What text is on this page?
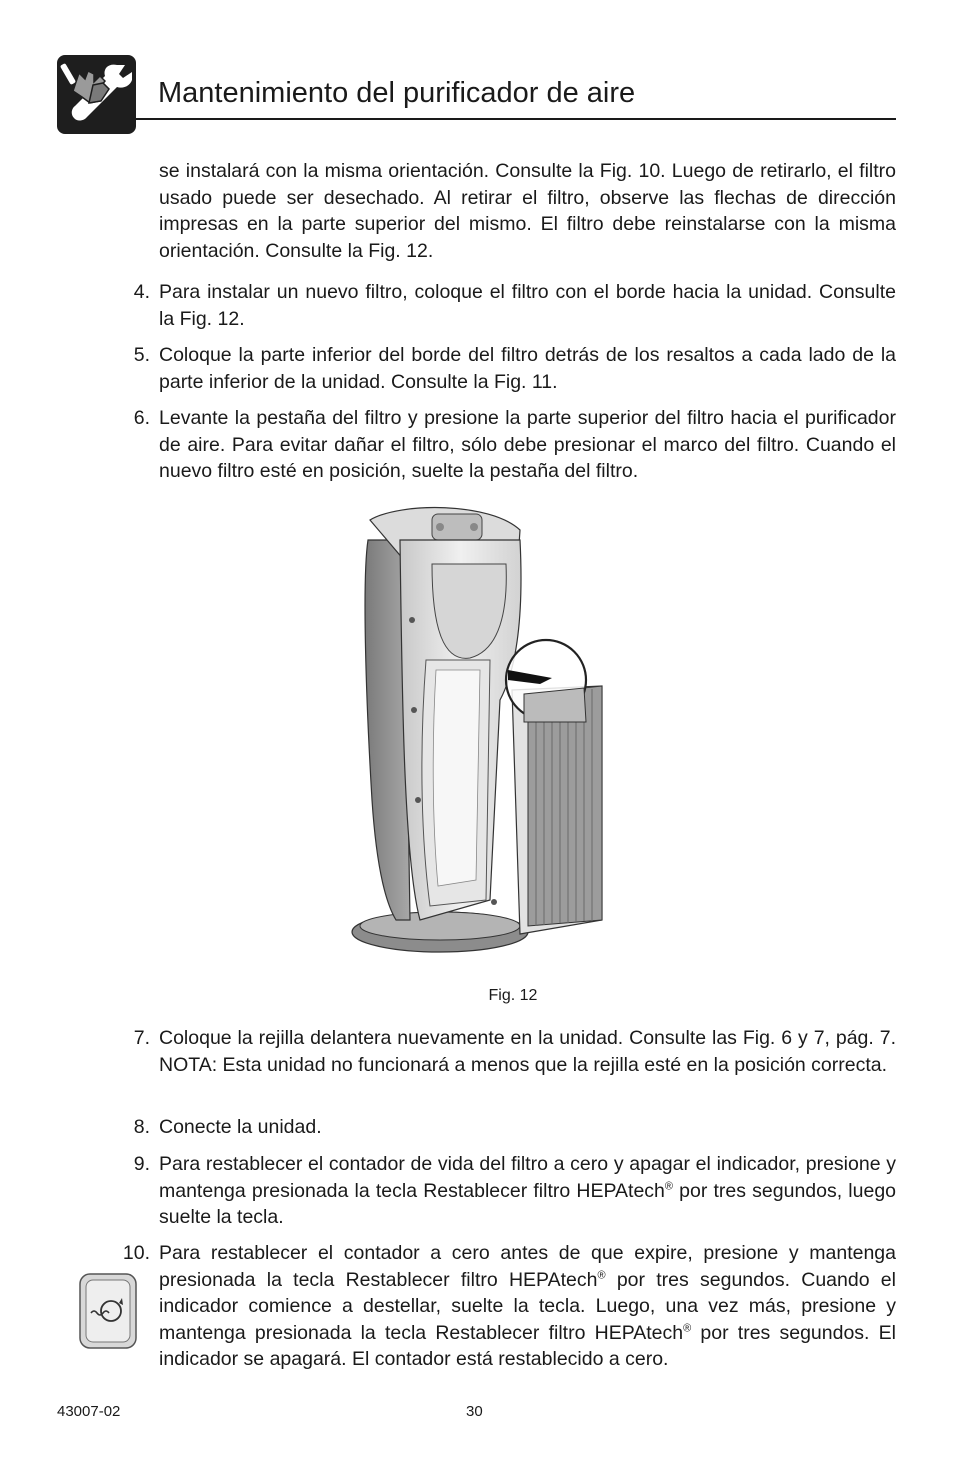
Mantenimiento del purificador de aire

se instalará con la misma orientación. Consulte la Fig. 10. Luego de retirarlo, el filtro usado puede ser desechado. Al retirar el filtro, observe las flechas de dirección impresas en la parte superior del mismo. El filtro debe reinstalarse con la misma orientación. Consulte la Fig. 12.

4. Para instalar un nuevo filtro, coloque el filtro con el borde hacia la unidad. Consulte la Fig. 12.
5. Coloque la parte inferior del borde del filtro detrás de los resaltos a cada lado de la parte inferior de la unidad. Consulte la Fig. 11.
6. Levante la pestaña del filtro y presione la parte superior del filtro hacia el purificador de aire. Para evitar dañar el filtro, sólo debe presionar el marco del filtro. Cuando el nuevo filtro esté en posición, suelte la pestaña del filtro.
Fig. 12
7. Coloque la rejilla delantera nuevamente en la unidad. Consulte las Fig. 6 y 7, pág. 7. NOTA: Esta unidad no funcionará a menos que la rejilla esté en la posición correcta.
8. Conecte la unidad.
9. Para restablecer el contador de vida del filtro a cero y apagar el indicador, presione y mantenga presionada la tecla Restablecer filtro HEPAtech® por tres segundos, luego suelte la tecla.
10. Para restablecer el contador a cero antes de que expire, presione y mantenga presionada la tecla Restablecer filtro HEPAtech® por tres segundos. Cuando el indicador comience a destellar, suelte la tecla. Luego, una vez más, presione y mantenga presionada la tecla Restablecer filtro HEPAtech® por tres segundos. El indicador se apagará. El contador está restablecido a cero.
43007-02	30
